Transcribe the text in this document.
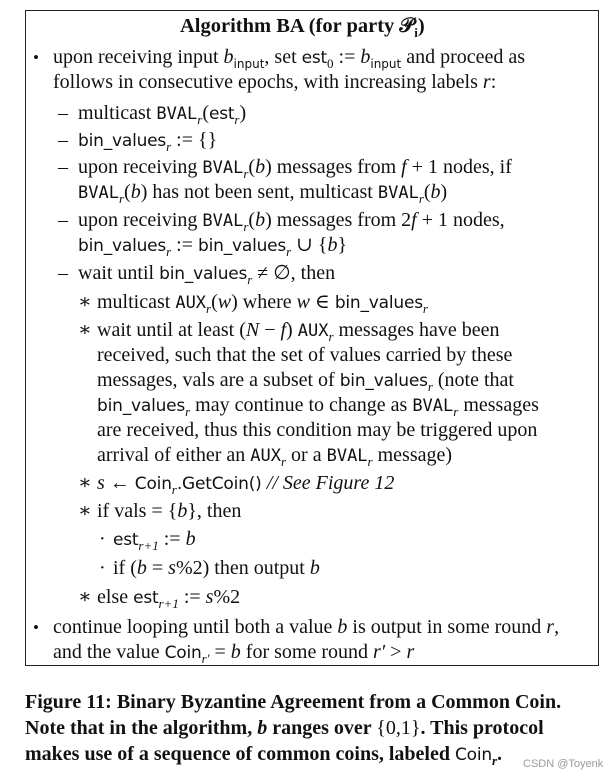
Algorithm BA (for party 𝒫$_i$)
• upon receiving input $b_{input}$, set est$_0$ := $b_{input}$ and proceed as
follows in consecutive epochs, with increasing labels r:
– multicast $BVAL_r(est_r)$
– bin_values$_r$ := {}
– upon receiving $BVAL_r(b)$ messages from f + 1 nodes, if
$BVAL_r(b)$ has not been sent, multicast $BVAL_r(b)$
– upon receiving $BVAL_r(b)$ messages from 2f + 1 nodes,
bin_values$_r$ := bin_values$_r$ ∪ {b}
– wait until bin_values$_r$ ≠ ∅, then
∗ multicast $AUX_r(w)$ where w ∈ bin_values$_r$
∗ wait until at least (N − f) $AUX_r$ messages have been
received, such that the set of values carried by these
messages, vals are a subset of bin_values$_r$ (note that
bin_values$_r$ may continue to change as $BVAL_r$ messages
are received, thus this condition may be triggered upon
arrival of either an $AUX_r$ or a $BVAL_r$ message)
∗ s ← Coin$_r$.GetCoin() // See Figure 12
∗ if vals = {b}, then
· est$_{r+1}$ := b
· if (b = s%2) then output b
∗ else est$_{r+1}$ := s%2
• continue looping until both a value b is output in some round r,
and the value Coin$_{r'}$ = b for some round r′ > r
Figure 11: Binary Byzantine Agreement from a Common Coin.
Note that in the algorithm, b ranges over {0,1}. This protocol
makes use of a sequence of common coins, labeled Coin$_r$. CSDN @Toyenk
